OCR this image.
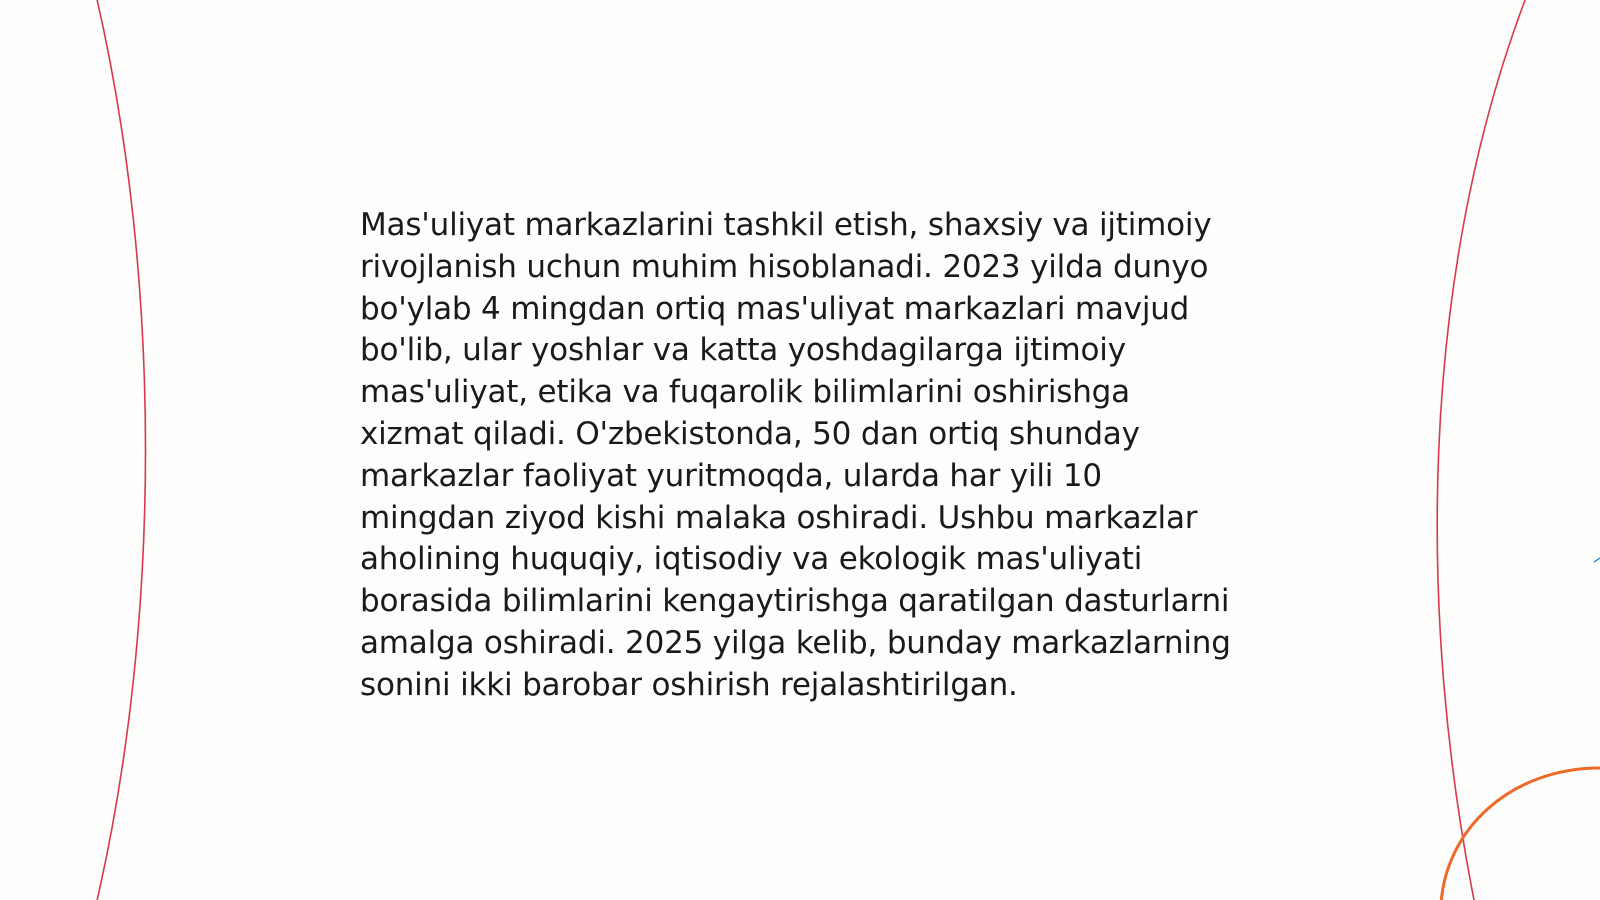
Mas'uliyat markazlarini tashkil etish, shaxsiy va ijtimoiy rivojlanish uchun muhim hisoblanadi. 2023 yilda dunyo bo'ylab 4 mingdan ortiq mas'uliyat markazlari mavjud bo'lib, ular yoshlar va katta yoshdagilarga ijtimoiy mas'uliyat, etika va fuqarolik bilimlarini oshirishga xizmat qiladi. O'zbekistonda, 50 dan ortiq shunday markazlar faoliyat yuritmoqda, ularda har yili 10 mingdan ziyod kishi malaka oshiradi. Ushbu markazlar aholining huquqiy, iqtisodiy va ekologik mas'uliyati borasida bilimlarini kengaytirishga qaratilgan dasturlarni amalga oshiradi. 2025 yilga kelib, bunday markazlarning sonini ikki barobar oshirish rejalashtirilgan.
